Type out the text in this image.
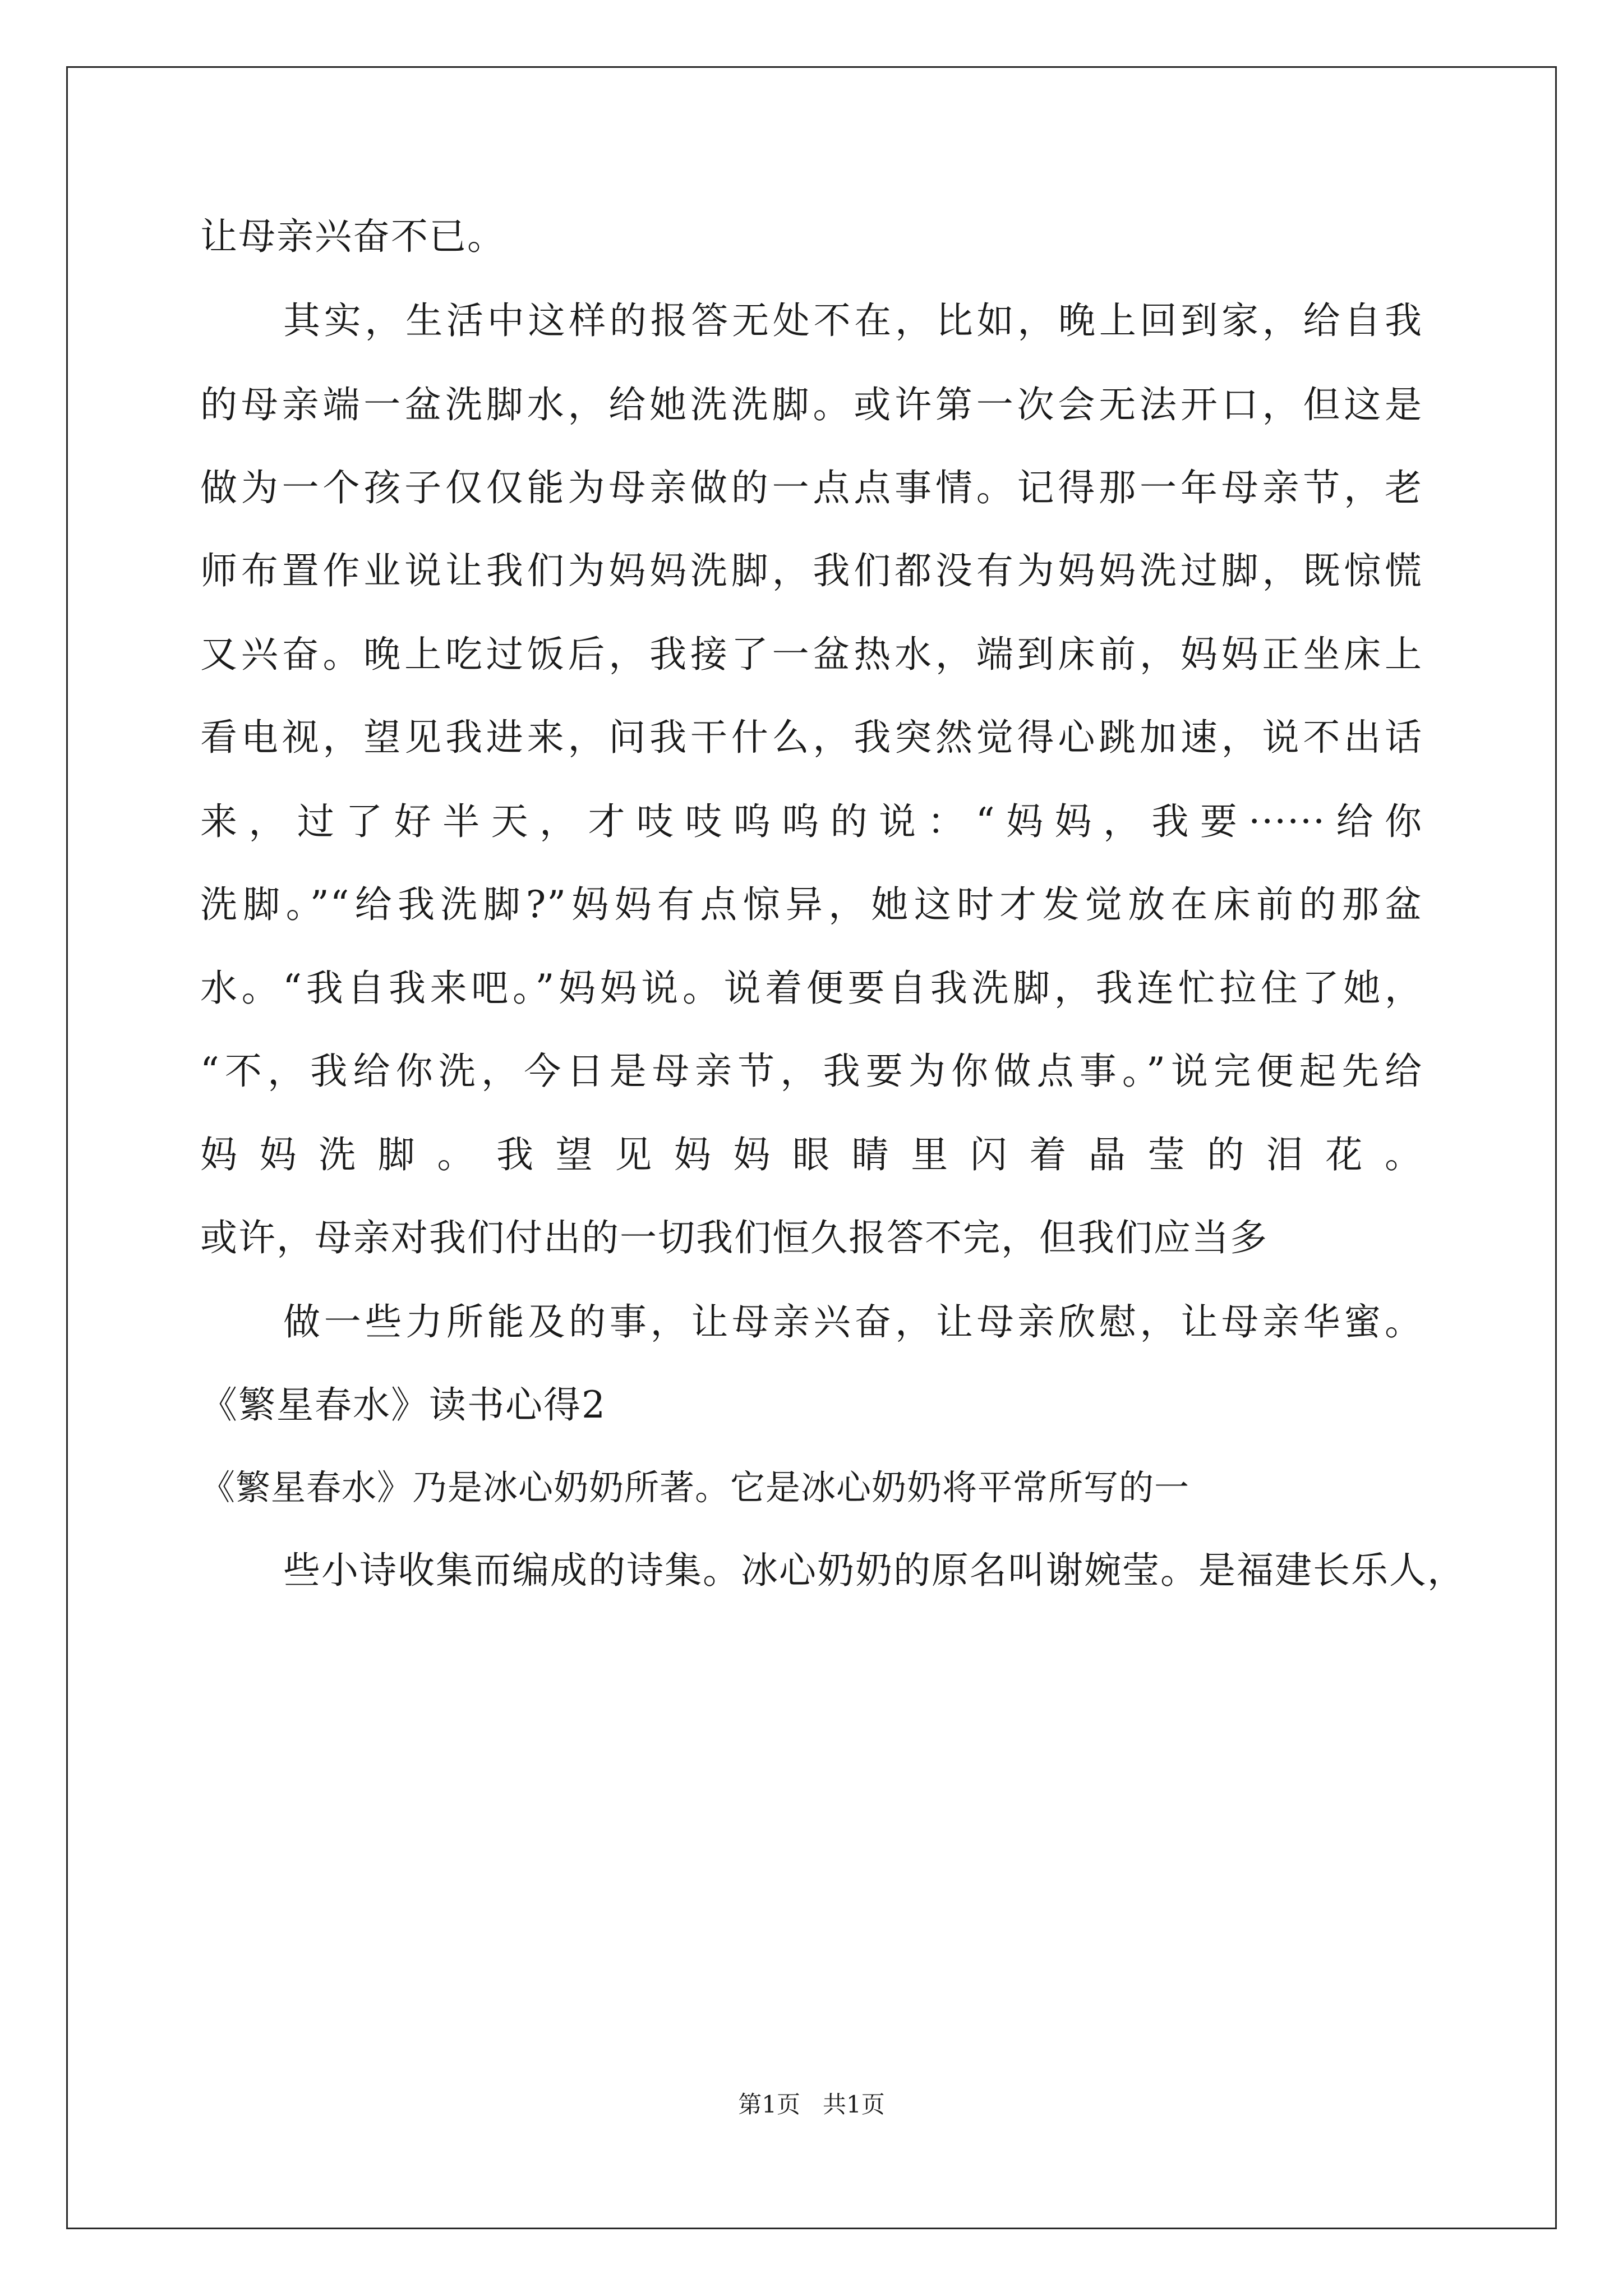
让母亲兴奋不已。
其实，生活中这样的报答无处不在，比如，晚上回到家，给自我
的母亲端一盆洗脚水，给她洗洗脚。或许第一次会无法开口，但这是
做为一个孩子仅仅能为母亲做的一点点事情。记得那一年母亲节，老
师布置作业说让我们为妈妈洗脚，我们都没有为妈妈洗过脚，既惊慌
又兴奋。晚上吃过饭后，我接了一盆热水，端到床前，妈妈正坐床上
看电视，望见我进来，问我干什么，我突然觉得心跳加速，说不出话
来，过了好半天，才吱吱呜呜的说：“妈妈，我要······给你
洗脚。”“给我洗脚?”妈妈有点惊异，她这时才发觉放在床前的那盆
水。“我自我来吧。”妈妈说。说着便要自我洗脚，我连忙拉住了她，
“不，我给你洗，今日是母亲节，我要为你做点事。”说完便起先给
妈妈洗脚。我望见妈妈眼睛里闪着晶莹的泪花。
或许，母亲对我们付出的一切我们恒久报答不完，但我们应当多
做一些力所能及的事，让母亲兴奋，让母亲欣慰，让母亲华蜜。
《繁星春水》读书心得2
《繁星春水》乃是冰心奶奶所著。它是冰心奶奶将平常所写的一
些小诗收集而编成的诗集。冰心奶奶的原名叫谢婉莹。是福建长乐人，
第1页   共1页
